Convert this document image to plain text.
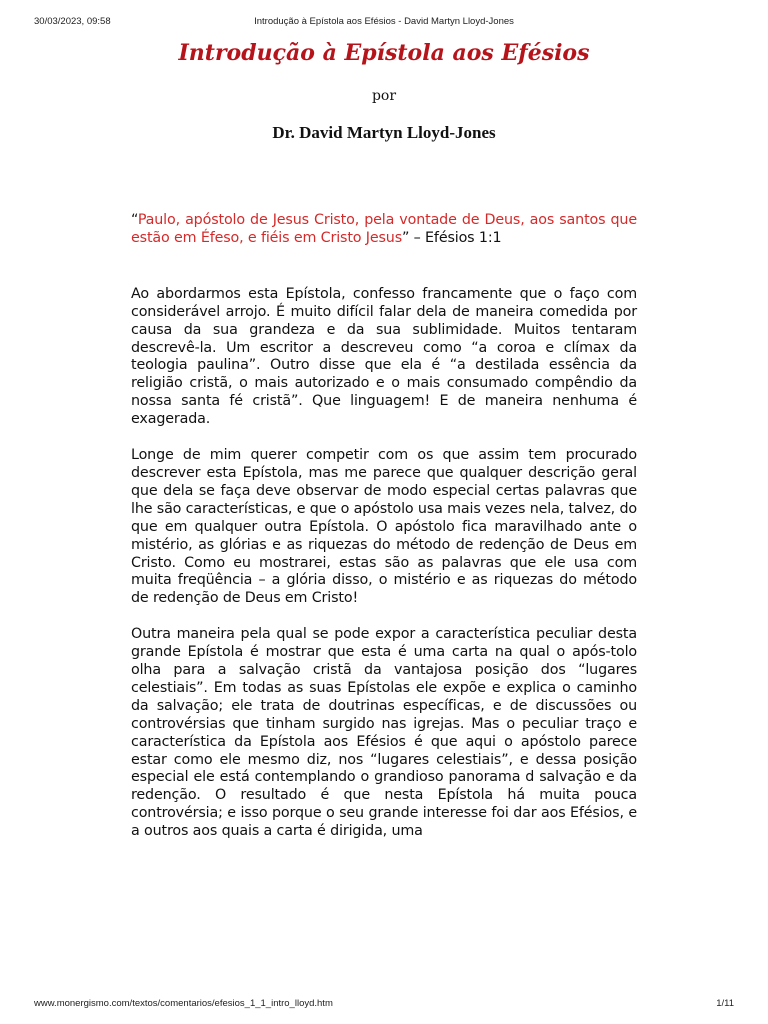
30/03/2023, 09:58	Introdução à Epístola aos Efésios - David Martyn Lloyd-Jones
Introdução à Epístola aos Efésios
por
Dr. David Martyn Lloyd-Jones

“Paulo, apóstolo de Jesus Cristo, pela vontade de Deus, aos santos que estão em Éfeso, e fiéis em Cristo Jesus” – Efésios 1:1

Ao abordarmos esta Epístola, confesso francamente que o faço com considerável arrojo. É muito difícil falar dela de maneira comedida por causa da sua grandeza e da sua sublimidade. Muitos tentaram descrevê-la. Um escritor a descreveu como “a coroa e clímax da teologia paulina”. Outro disse que ela é “a destilada essência da religião cristã, o mais autorizado e o mais consumado compêndio da nossa santa fé cristã”. Que linguagem! E de maneira nenhuma é exagerada.

Longe de mim querer competir com os que assim tem procurado descrever esta Epístola, mas me parece que qualquer descrição geral que dela se faça deve observar de modo especial certas palavras que lhe são características, e que o apóstolo usa mais vezes nela, talvez, do que em qualquer outra Epístola. O apóstolo fica maravilhado ante o mistério, as glórias e as riquezas do método de redenção de Deus em Cristo. Como eu mostrarei, estas são as palavras que ele usa com muita freqüência – a glória disso, o mistério e as riquezas do método de redenção de Deus em Cristo!

Outra maneira pela qual se pode expor a característica peculiar desta grande Epístola é mostrar que esta é uma carta na qual o após-tolo olha para a salvação cristã da vantajosa posição dos “lugares celestiais”. Em todas as suas Epístolas ele expõe e explica o caminho da salvação; ele trata de doutrinas específicas, e de discussões ou controvérsias que tinham surgido nas igrejas. Mas o peculiar traço e característica da Epístola aos Efésios é que aqui o apóstolo parece estar como ele mesmo diz, nos “lugares celestiais”, e dessa posição especial ele está contemplando o grandioso panorama d salvação e da redenção. O resultado é que nesta Epístola há muita pouca controvérsia; e isso porque o seu grande interesse foi dar aos Efésios, e a outros aos quais a carta é dirigida, uma

www.monergismo.com/textos/comentarios/efesios_1_1_intro_lloyd.htm	1/11
